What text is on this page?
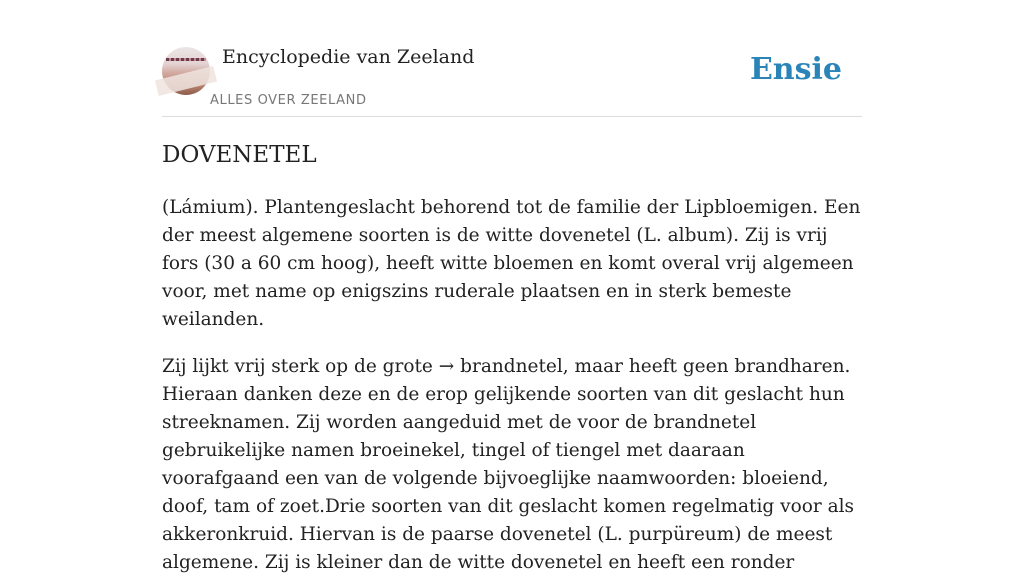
Encyclopedie van Zeeland
ALLES OVER ZEELAND
Ensie
DOVENETEL

(Lámium). Plantengeslacht behorend tot de familie der Lipbloemigen. Een der meest algemene soorten is de witte dovenetel (L. album). Zij is vrij fors (30 a 60 cm hoog), heeft witte bloemen en komt overal vrij algemeen voor, met name op enigszins ruderale plaatsen en in sterk bemeste weilanden.

Zij lijkt vrij sterk op de grote → brandnetel, maar heeft geen brandharen. Hieraan danken deze en de erop gelijkende soorten van dit geslacht hun streeknamen. Zij worden aangeduid met de voor de brandnetel gebruikelijke namen broeinekel, tingel of tiengel met daaraan voorafgaand een van de volgende bijvoeglijke naamwoorden: bloeiend, doof, tam of zoet.Drie soorten van dit geslacht komen regelmatig voor als akkeronkruid. Hiervan is de paarse dovenetel (L. purpüreum) de meest algemene. Zij is kleiner dan de witte dovenetel en heeft een ronder
